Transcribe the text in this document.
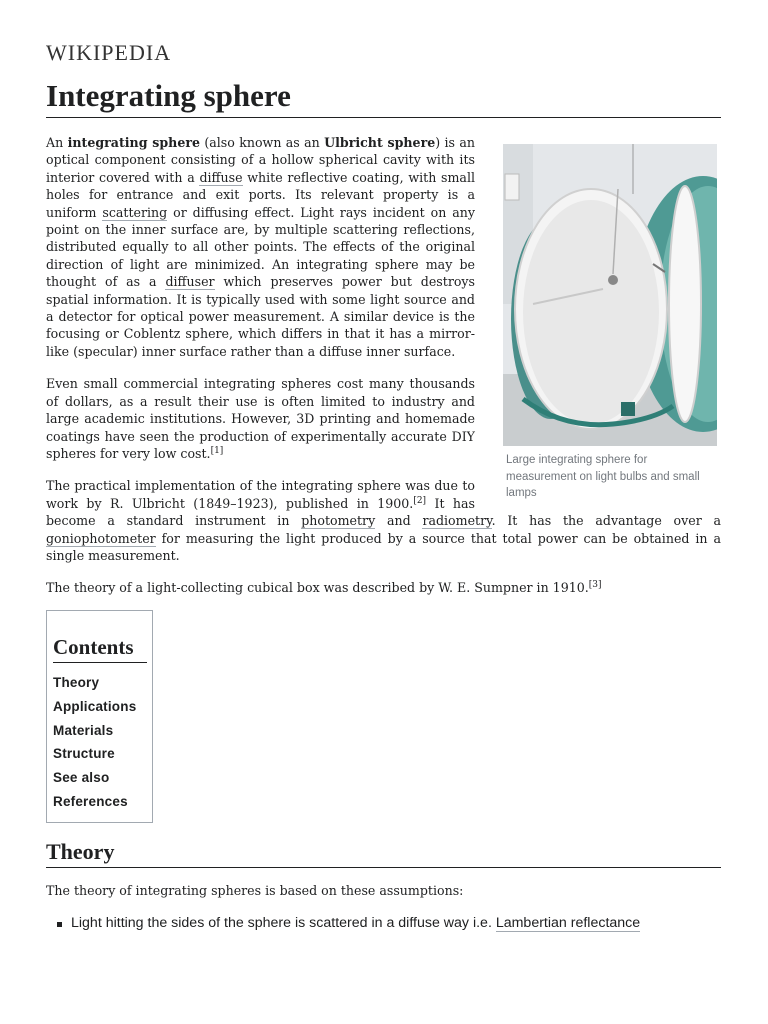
WIKIPEDIA
Integrating sphere
Large integrating sphere for measurement on light bulbs and small lamps

An integrating sphere (also known as an Ulbricht sphere) is an optical component consisting of a hollow spherical cavity with its interior covered with a diffuse white reflective coating, with small holes for entrance and exit ports. Its relevant property is a uniform scattering or diffusing effect. Light rays incident on any point on the inner surface are, by multiple scattering reflections, distributed equally to all other points. The effects of the original direction of light are minimized. An integrating sphere may be thought of as a diffuser which preserves power but destroys spatial information. It is typically used with some light source and a detector for optical power measurement. A similar device is the focusing or Coblentz sphere, which differs in that it has a mirror-like (specular) inner surface rather than a diffuse inner surface.

Even small commercial integrating spheres cost many thousands of dollars, as a result their use is often limited to industry and large academic institutions. However, 3D printing and homemade coatings have seen the production of experimentally accurate DIY spheres for very low cost.[1]

The practical implementation of the integrating sphere was due to work by R. Ulbricht (1849–1923), published in 1900.[2] It has become a standard instrument in photometry and radiometry. It has the advantage over a goniophotometer for measuring the light produced by a source that total power can be obtained in a single measurement.

The theory of a light-collecting cubical box was described by W. E. Sumpner in 1910.[3]

Contents
Theory
Applications
Materials
Structure
See also
References
Theory

The theory of integrating spheres is based on these assumptions:

Light hitting the sides of the sphere is scattered in a diffuse way i.e. Lambertian reflectance
